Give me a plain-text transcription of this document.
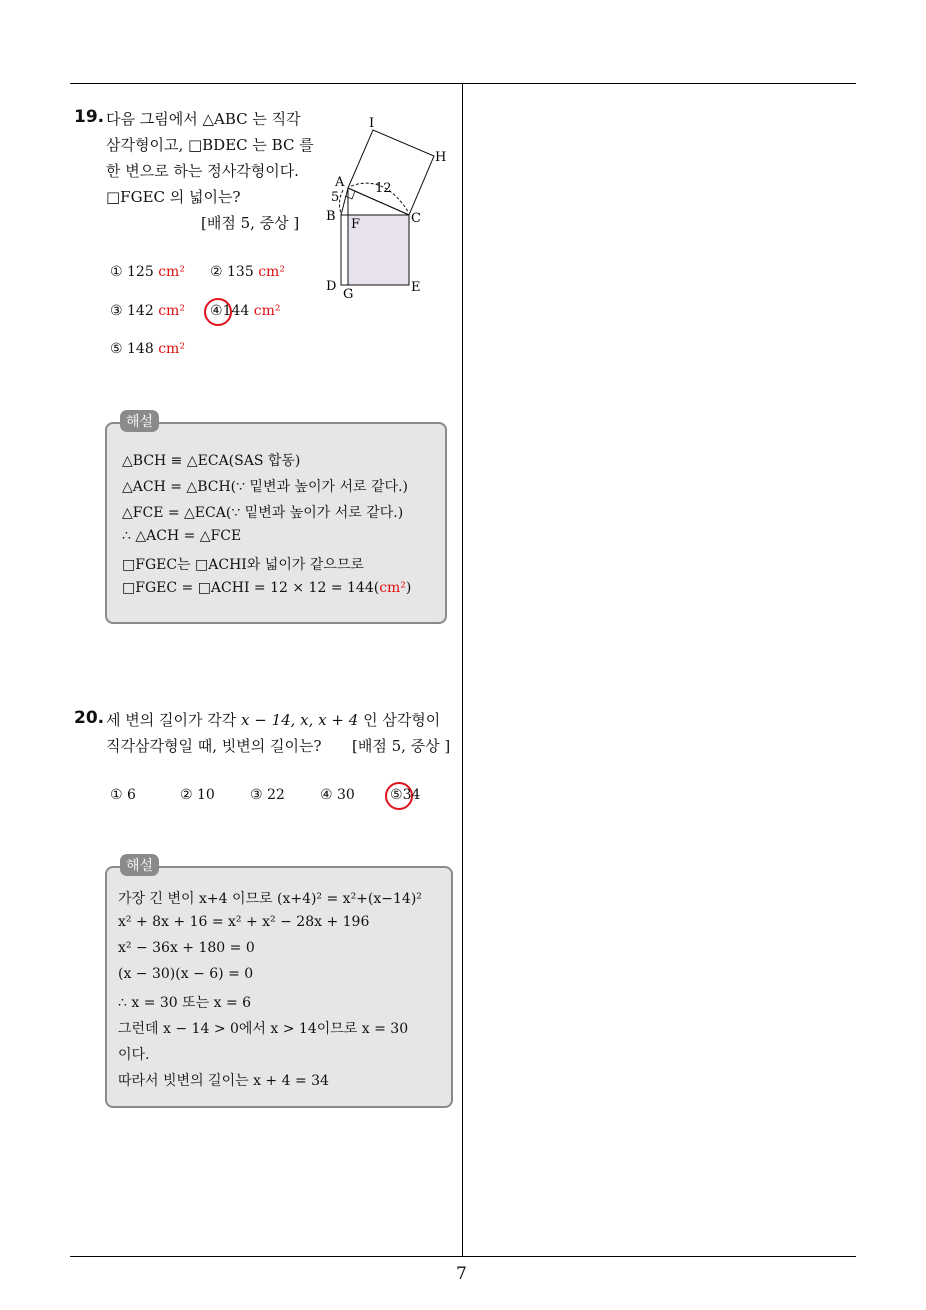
7
19. 다음 그림에서 △ABC 는 직각
삼각형이고, □BDEC 는 BC 를
한 변으로 하는 정사각형이다.
□FGEC 의 넓이는?
[배점 5, 중상 ]
I
H
A
5
12
B
F	C
D
G	E
① 125 cm² ② 135 cm²
③ 142 cm² ④144 cm²
⑤ 148 cm²
해설
△BCH ≡ △ECA(SAS 합동)
△ACH = △BCH(∵ 밑변과 높이가 서로 같다.)
△FCE = △ECA(∵ 밑변과 높이가 서로 같다.)
∴ △ACH = △FCE
□FGEC는 □ACHI와 넓이가 같으므로
□FGEC = □ACHI = 12 × 12 = 144(cm²)
20. 세 변의 길이가 각각 x − 14, x, x + 4 인 삼각형이
직각삼각형일 때, 빗변의 길이는? [배점 5, 중상 ]
① 6	② 10	③ 22	④ 30	⑤34
해설
가장 긴 변이 x+4 이므로 (x+4)² = x²+(x−14)²
x² + 8x + 16 = x² + x² − 28x + 196
x² − 36x + 180 = 0
(x − 30)(x − 6) = 0
∴ x = 30 또는 x = 6
그런데 x − 14 > 0에서 x > 14이므로 x = 30
이다.
따라서 빗변의 길이는 x + 4 = 34
